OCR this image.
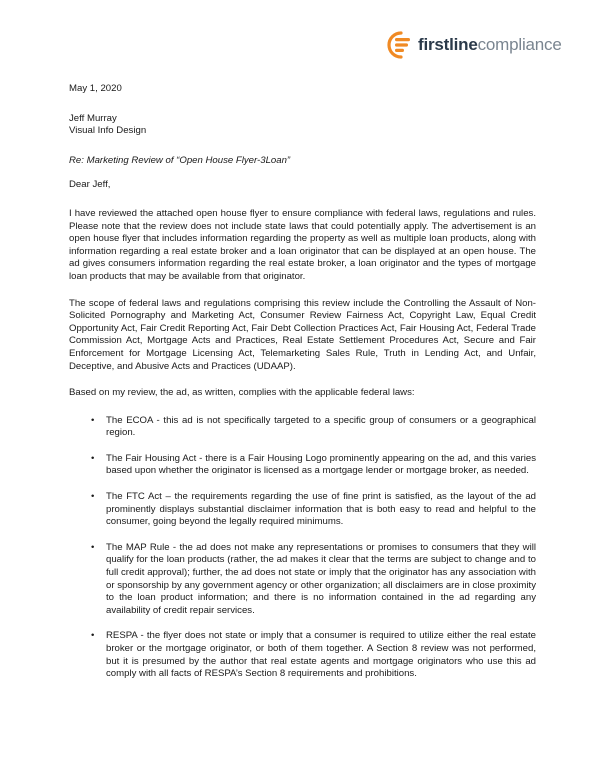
firstlinecompliance

May 1, 2020

Jeff Murray

Visual Info Design

Re: Marketing Review of “Open House Flyer-3Loan”

Dear Jeff,

I have reviewed the attached open house flyer to ensure compliance with federal laws, regulations and rules. Please note that the review does not include state laws that could potentially apply. The advertisement is an open house flyer that includes information regarding the property as well as multiple loan products, along with information regarding a real estate broker and a loan originator that can be displayed at an open house. The ad gives consumers information regarding the real estate broker, a loan originator and the types of mortgage loan products that may be available from that originator.

The scope of federal laws and regulations comprising this review include the Controlling the Assault of Non-Solicited Pornography and Marketing Act, Consumer Review Fairness Act, Copyright Law, Equal Credit Opportunity Act, Fair Credit Reporting Act, Fair Debt Collection Practices Act, Fair Housing Act, Federal Trade Commission Act, Mortgage Acts and Practices, Real Estate Settlement Procedures Act, Secure and Fair Enforcement for Mortgage Licensing Act, Telemarketing Sales Rule, Truth in Lending Act, and Unfair, Deceptive, and Abusive Acts and Practices (UDAAP).

Based on my review, the ad, as written, complies with the applicable federal laws:

• The ECOA - this ad is not specifically targeted to a specific group of consumers or a geographical region.
• The Fair Housing Act - there is a Fair Housing Logo prominently appearing on the ad, and this varies based upon whether the originator is licensed as a mortgage lender or mortgage broker, as needed.
• The FTC Act – the requirements regarding the use of fine print is satisfied, as the layout of the ad prominently displays substantial disclaimer information that is both easy to read and helpful to the consumer, going beyond the legally required minimums.
• The MAP Rule - the ad does not make any representations or promises to consumers that they will qualify for the loan products (rather, the ad makes it clear that the terms are subject to change and to full credit approval); further, the ad does not state or imply that the originator has any association with or sponsorship by any government agency or other organization; all disclaimers are in close proximity to the loan product information; and there is no information contained in the ad regarding any availability of credit repair services.
• RESPA - the flyer does not state or imply that a consumer is required to utilize either the real estate broker or the mortgage originator, or both of them together. A Section 8 review was not performed, but it is presumed by the author that real estate agents and mortgage originators who use this ad comply with all facts of RESPA’s Section 8 requirements and prohibitions.
